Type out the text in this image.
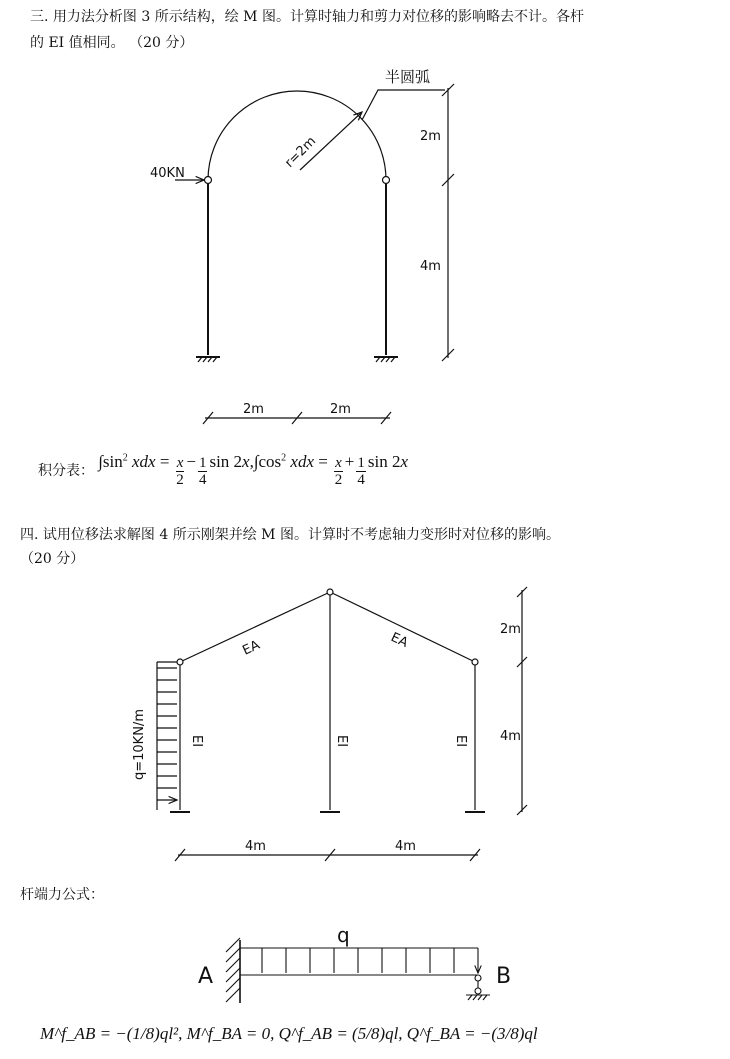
三. 用力法分析图 3 所示结构，绘 M 图。计算时轴力和剪力对位移的影响略去不计。各杆
的 EI 值相同。 （20 分）
半圆弧
r=2m
40KN
2m
4m
2m	2m
q=10KN/m
EA	EA
EI	EI	EI
2m
4m
4m	4m
A
q
B
积分表： $\int\sin^2$ xdx = $\frac{x}{2} - \frac{1}{4}$ sin 2x, $\int\cos^2$ xdx = $\frac{x}{2} + \frac{1}{4}$ sin 2x
四. 试用位移法求解图 4 所示刚架并绘 M 图。计算时不考虑轴力变形时对位移的影响。
（20 分）
杆端力公式：
M^f_AB = −(1/8)ql², M^f_BA = 0, Q^f_AB = (5/8)ql, Q^f_BA = −(3/8)ql
